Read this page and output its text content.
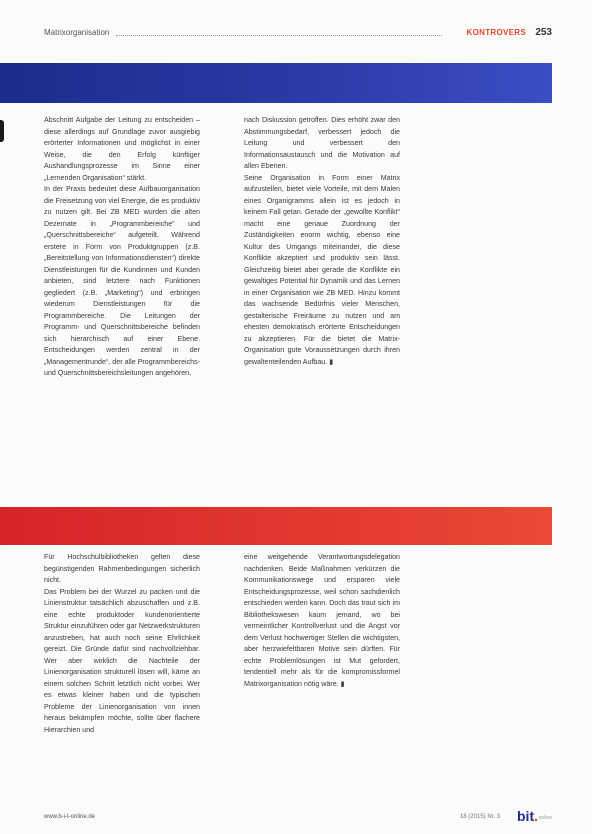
Matrixorganisation	KONTROVERS 253

Abschnitt Aufgabe der Leitung zu entscheiden – diese allerdings auf Grundlage zuvor ausgiebig erörterter Informationen und möglichst in einer Weise, die den Erfolg künftiger Aushandlungsprozesse im Sinne einer „Lernenden Organisation“ stärkt.

In der Praxis bedeutet diese Aufbauorganisation die Freisetzung von viel Energie, die es produktiv zu nutzen gilt. Bei ZB MED wurden die alten Dezernate in „Programmbereiche“ und „Querschnittsbereiche“ aufgeteilt. Während erstere in Form von Produktgruppen (z.B. „Bereitstellung von Informationsdiensten“) direkte Dienstleistungen für die Kundinnen und Kunden anbieten, sind letztere nach Funktionen gegliedert (z.B. „Marketing“) und erbringen wiederum Dienstleistungen für die Programmbereiche. Die Leitungen der Programm- und Querschnittsbereiche befinden sich hierarchisch auf einer Ebene. Entscheidungen werden zentral in der „Managementrunde“, der alle Programmbereichs- und Querschnittsbereichsleitungen angehören,

nach Diskussion getroffen. Dies erhöht zwar den Abstimmungsbedarf, verbessert jedoch die Leitung und verbessert den Informationsaustausch und die Motivation auf allen Ebenen.

Seine Organisation in Form einer Matrix aufzustellen, bietet viele Vorteile, mit dem Malen eines Organigramms allein ist es jedoch in keinem Fall getan. Gerade der „gewollte Konflikt“ macht eine genaue Zuordnung der Zuständigkeiten enorm wichtig, ebenso eine Kultur des Umgangs miteinander, die diese Konflikte akzeptiert und produktiv sein lässt. Gleichzeitig bietet aber gerade die Konflikte ein gewaltiges Potential für Dynamik und das Lernen in einer Organisation wie ZB MED. Hinzu kommt das wachsende Bedürfnis vieler Menschen, gestalterische Freiräume zu nutzen und am ehesten demokratisch erörterte Entscheidungen zu akzeptieren. Für die bietet die Matrix-Organisation gute Voraussetzungen durch ihren gewaltenteilenden Aufbau. ▮

Für Hochschulbibliotheken gelten diese begünstigenden Rahmenbedingungen sicherlich nicht.

Das Problem bei der Wurzel zu packen und die Linienstruktur tatsächlich abzuschaffen und z.B. eine echte produktoder kundenorientierte Struktur einzuführen oder gar Netzwerkstrukturen anzustreben, hat auch noch seine Ehrlichkeit gereizt. Die Gründe dafür sind nachvollziehbar. Wer aber wirklich die Nachteile der Linienorganisation strukturell lösen will, käme an einem solchen Schritt letztlich nicht vorbei. Wer es etwas kleiner haben und die typischen Probleme der Linienorganisation von innen heraus bekämpfen möchte, sollte über flachere Hierarchien und

eine weitgehende Verantwortungsdelegation nachdenken. Beide Maßnahmen verkürzen die Kommunikationswege und ersparen viele Entscheidungsprozesse, weil schon sachdienlich entschieden werden kann. Doch das traut sich im Bibliothekswesen kaum jemand, wo bei vermeintlicher Kontrollverlust und die Angst vor dem Verlust hochwertiger Stellen die wichtigsten, aber herzwiefeltbaren Motive sein dürften. Für echte Problemlösungen ist Mut gefordert, tendentiell mehr als für die kompromissformel Matrixorganisation nötig wäre. ▮

www.b-i-t-online.de	18 (2015) Nr. 3 bit. online
